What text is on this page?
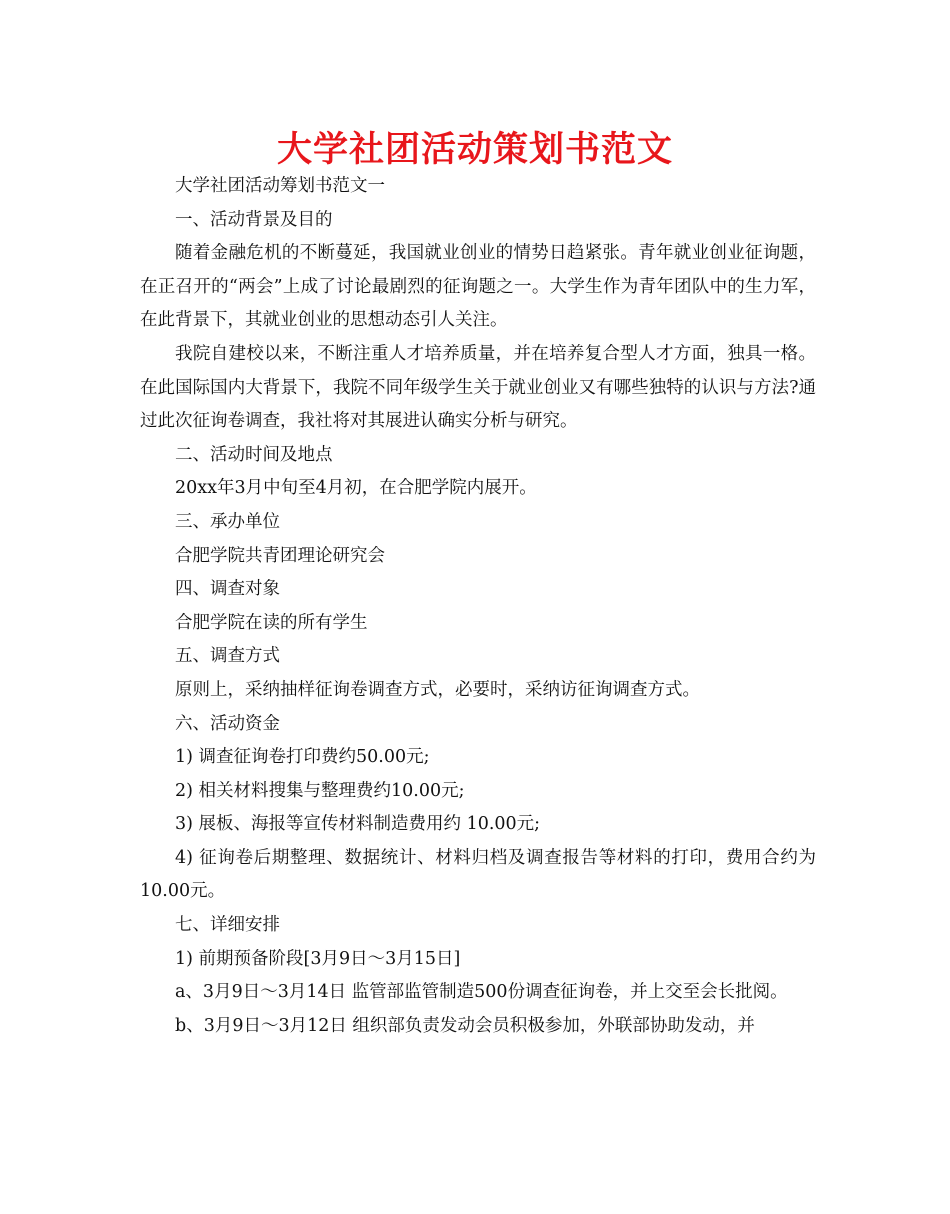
大学社团活动策划书范文

大学社团活动筹划书范文一

一、活动背景及目的

随着金融危机的不断蔓延，我国就业创业的情势日趋紧张。青年就业创业征询题，在正召开的“两会”上成了讨论最剧烈的征询题之一。大学生作为青年团队中的生力军，在此背景下，其就业创业的思想动态引人关注。

我院自建校以来，不断注重人才培养质量，并在培养复合型人才方面，独具一格。在此国际国内大背景下，我院不同年级学生关于就业创业又有哪些独特的认识与方法?通过此次征询卷调查，我社将对其展进认确实分析与研究。

二、活动时间及地点

20xx年3月中旬至4月初，在合肥学院内展开。

三、承办单位

合肥学院共青团理论研究会

四、调查对象

合肥学院在读的所有学生

五、调查方式

原则上，采纳抽样征询卷调查方式，必要时，采纳访征询调查方式。

六、活动资金

1) 调查征询卷打印费约50.00元;

2) 相关材料搜集与整理费约10.00元;

3) 展板、海报等宣传材料制造费用约 10.00元;

4) 征询卷后期整理、数据统计、材料归档及调查报告等材料的打印，费用合约为10.00元。

七、详细安排

1) 前期预备阶段[3月9日～3月15日]

a、3月9日～3月14日 监管部监管制造500份调查征询卷，并上交至会长批阅。

b、3月9日～3月12日 组织部负责发动会员积极参加，外联部协助发动，并
